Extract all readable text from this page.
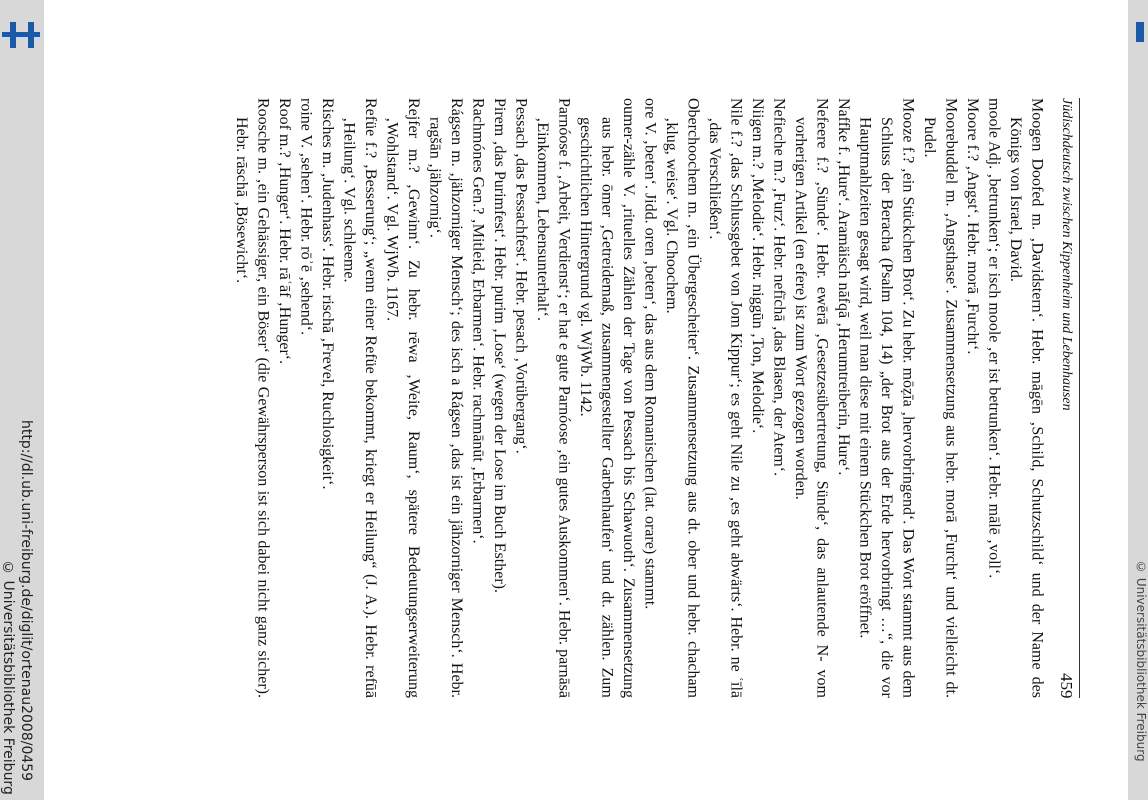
http://dl.ub.uni-freiburg.de/diglit/ortenau2008/0459
© Universitätsbibliothek Freiburg	© Universitätsbibliothek Freiburg
Jüdischdeutsch zwischen Kippenheim und Lebenhausen
459

Moogen Doofed m. ‚Davidstern‘. Hebr. māgēn ‚Schild, Schutzschild‘ und der Name des Königs von Israel, David.

moole Adj. ‚betrunken‘; er isch moole ‚er ist betrunken‘. Hebr. mālē ‚voll‘.

Moore f.? ‚Angst‘. Hebr. morā ‚Furcht‘.

Moorebuddel m. ‚Angsthase‘. Zusammensetzung aus hebr. morā ‚Furcht‘ und vielleicht dt. Pudel.

Mooze f.? ‚ein Stückchen Brot‘. Zu hebr. mōẓīa ‚hervorbringend‘. Das Wort stammt aus dem Schluss der Beracha (Psalm 104, 14) „der Brot aus der Erde hervorbringt …“, die vor Hauptmahlzeiten gesagt wird, weil man diese mit einem Stückchen Brot eröffnet.

Naffke f. ‚Hure‘. Aramäisch nāfqā ‚Herumtreiberin, Hure‘.

Nefeere f.? ‚Sünde‘. Hebr. ewērā ‚Gesetzesübertretung, Sünde‘, das anlautende N- vom vorherigen Artikel (en efere) ist zum Wort gezogen worden.

Nefieche m.? ‚Furz‘. Hebr. nefīchā ‚das Blasen, der Atem‘.

Niigen m.? ‚Melodie‘. Hebr. niggūn ‚Ton, Melodie‘.

Nile f.? ‚das Schlussgebet von Jom Kippur‘; es geht Nile zu ‚es geht abwärts‘. Hebr. ne ʿīlā ‚das Verschließen‘.

Oberchoochem m. ‚ein Übergescheiter‘. Zusammensetzung aus dt. ober und hebr. chacham ‚klug, weise‘. Vgl. Choochem.

ore V. ‚beten‘. Jidd. oren ‚beten‘, das aus dem Romanischen (lat. orare) stammt.

oumer-zähle V. ‚rituelles Zählen der Tage von Pessach bis Schawuoth‘. Zusammensetzung aus hebr. ōmer ‚Getreidemaß, zusammengestellter Garbenhaufen‘ und dt. zählen. Zum geschichtlichen Hintergrund vgl. WjWb. 1142.

Parnóose f. ‚Arbeit, Verdienst‘; er hat e gute Parnóose ‚ein gutes Auskommen‘. Hebr. parnāsā ‚Einkommen, Lebensunterhalt‘.

Pessach ‚das Pessachfest‘. Hebr. pesach ‚Vorübergang‘.

Pirem ‚das Purimfest‘. Hebr. purim ‚Lose‘ (wegen der Lose im Buch Esther).

Rachmónes Gen.? ‚Mitleid, Erbarmen‘. Hebr. rachmānūt ‚Erbarmen‘.

Rágsen m. ‚jähzorniger Mensch‘; des isch a Rágsen ‚das ist ein jähzorniger Mensch‘. Hebr. ragšān ‚jähzornig‘.

Rejfer m.? ‚Gewinn‘. Zu hebr. rēwa ‚Weite, Raum‘, spätere Bedeutungserweiterung ‚Wohlstand‘. Vgl. WjWb. 1167.

Refüe f.? ‚Besserung‘; „wenn einer Refüe bekommt, kriegt er Heilung“ (J. A.). Hebr. refūā ‚Heilung‘. Vgl. schleeme.

Risches m. ‚Judenhass‘. Hebr. rischā ‚Frevel, Ruchlosigkeit‘.

roine V. ‚sehen‘. Hebr. rōʾē ‚sehend‘.

Roof m.? ‚Hunger‘. Hebr. rāʿāf ‚Hunger‘.

Roosche m. ‚ein Gehässiger, ein Böser‘ (die Gewährsperson ist sich dabei nicht ganz sicher). Hebr. rāschā ‚Bösewicht‘.
